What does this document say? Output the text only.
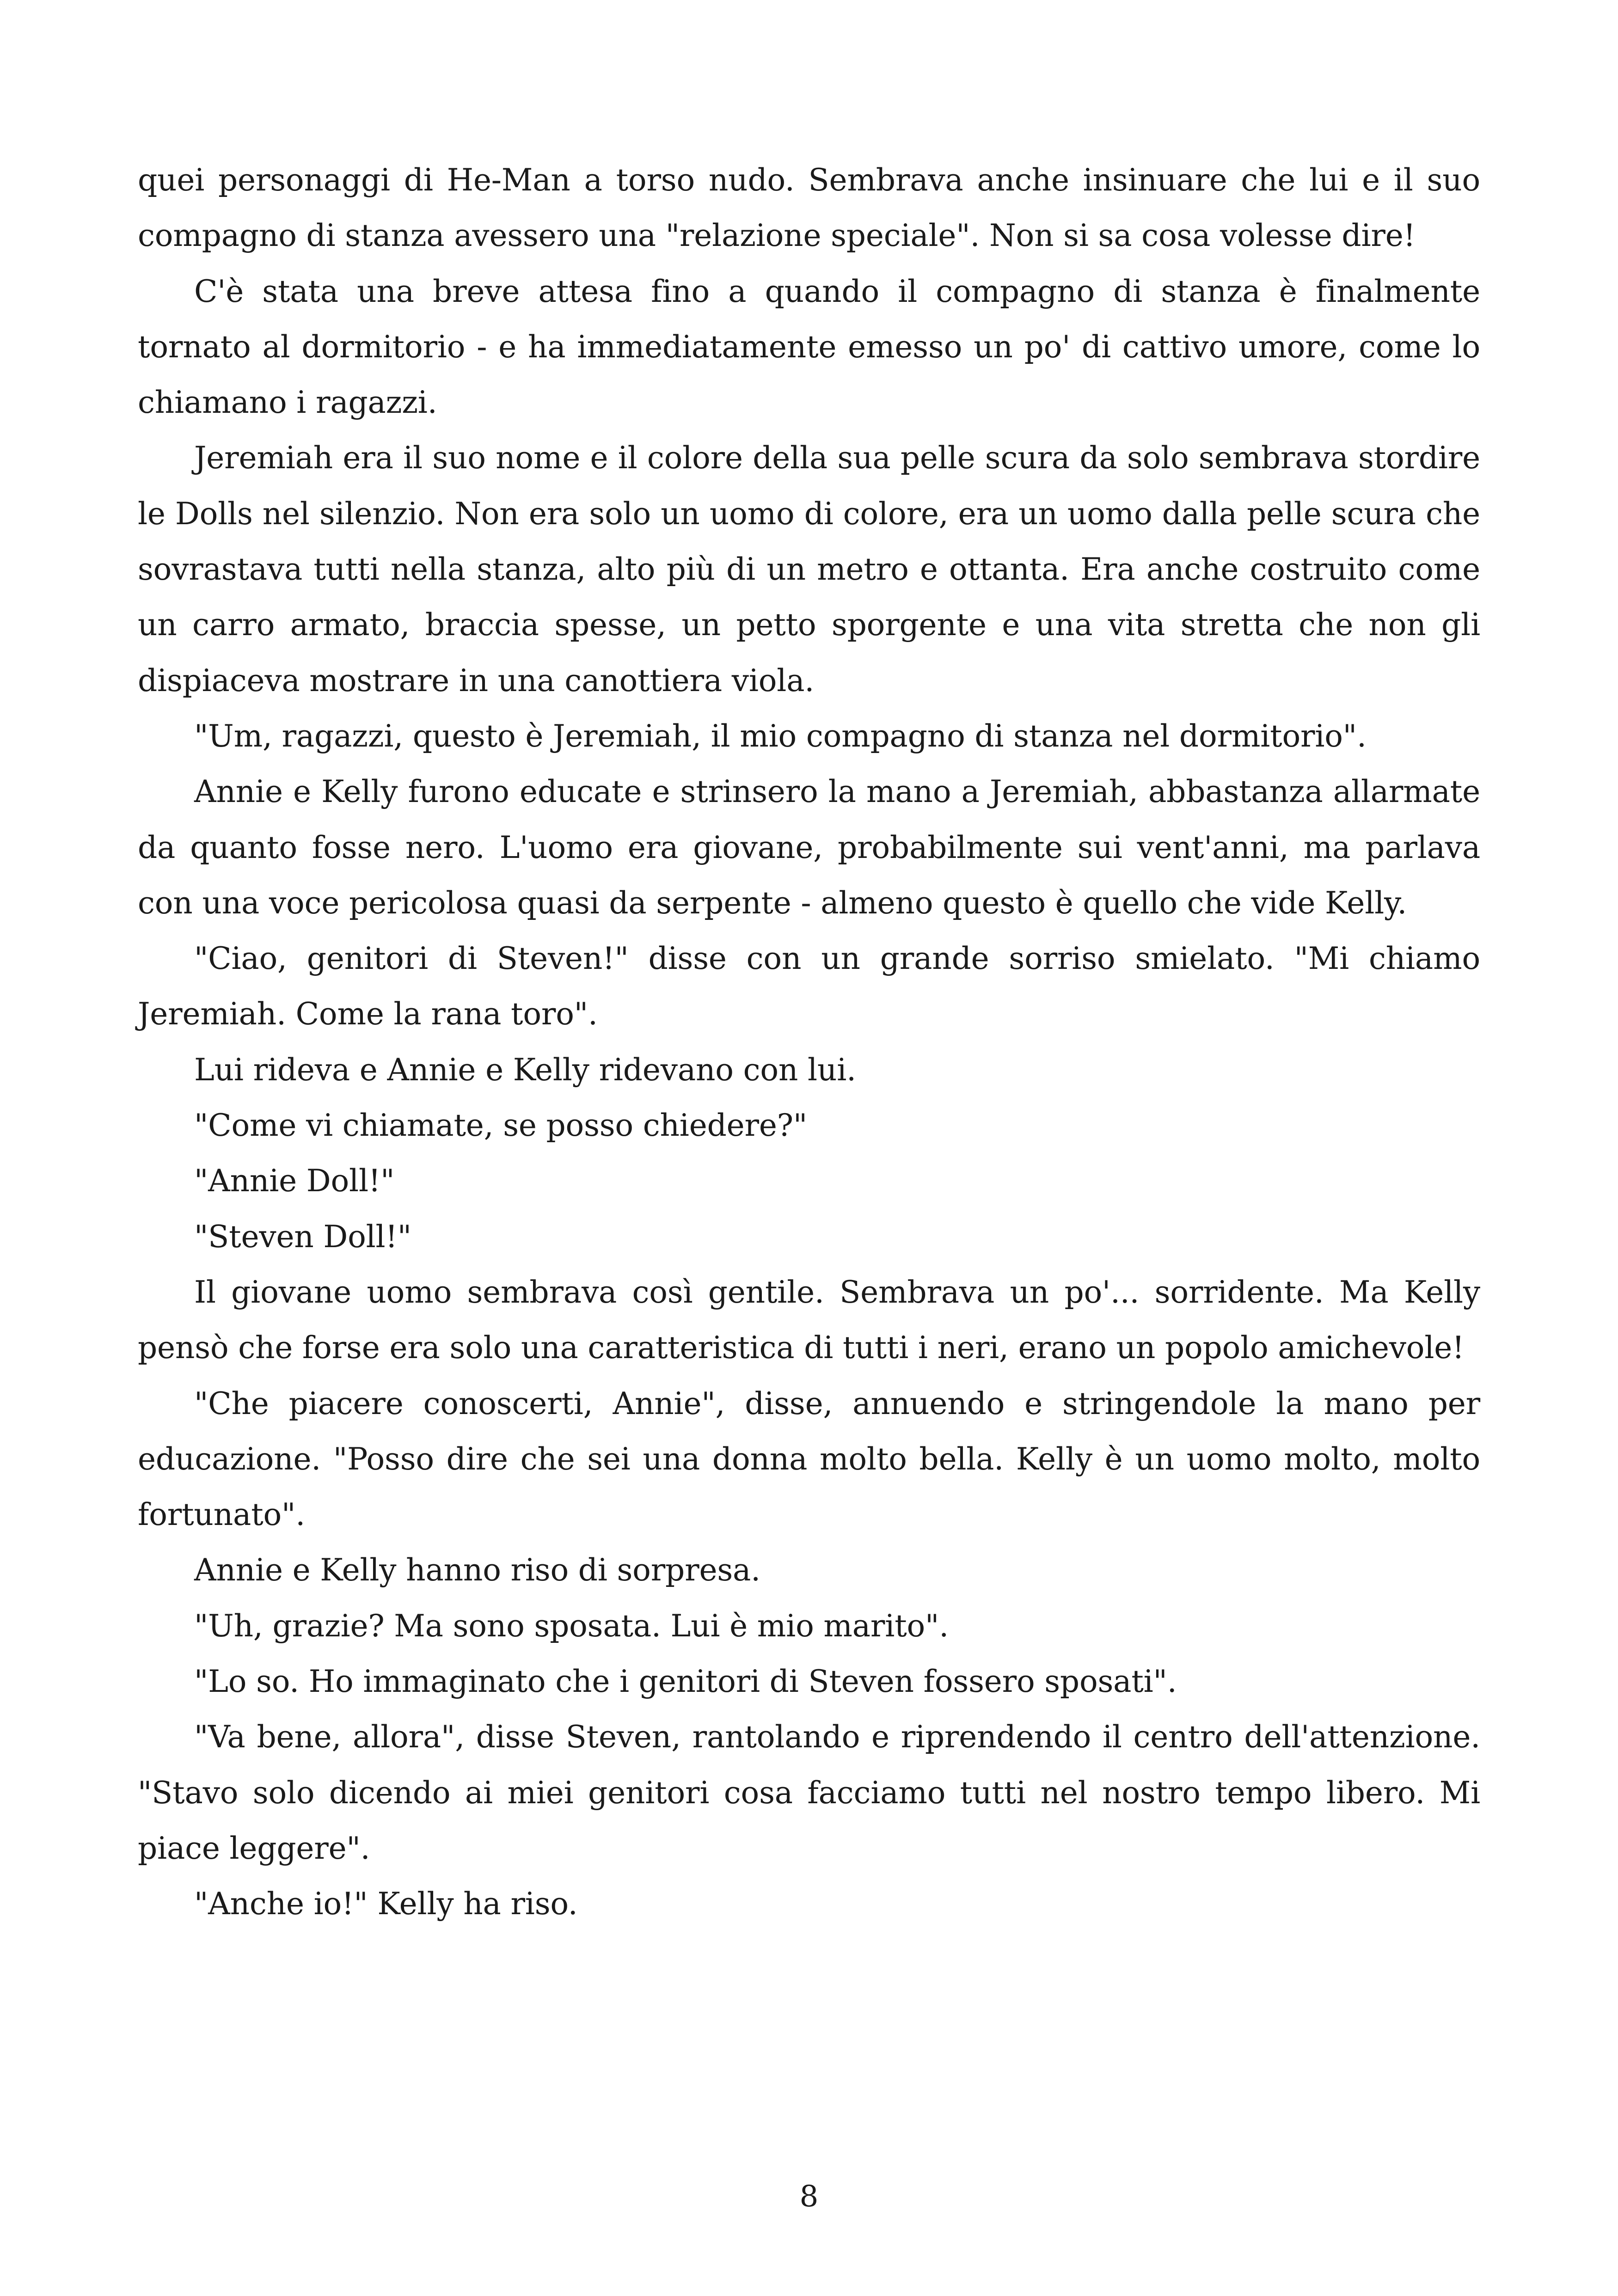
quei personaggi di He-Man a torso nudo. Sembrava anche insinuare che lui e il suo compagno di stanza avessero una "relazione speciale". Non si sa cosa volesse dire!

C'è stata una breve attesa fino a quando il compagno di stanza è finalmente tornato al dormitorio - e ha immediatamente emesso un po' di cattivo umore, come lo chiamano i ragazzi.

Jeremiah era il suo nome e il colore della sua pelle scura da solo sembrava stordire le Dolls nel silenzio. Non era solo un uomo di colore, era un uomo dalla pelle scura che sovrastava tutti nella stanza, alto più di un metro e ottanta. Era anche costruito come un carro armato, braccia spesse, un petto sporgente e una vita stretta che non gli dispiaceva mostrare in una canottiera viola.

"Um, ragazzi, questo è Jeremiah, il mio compagno di stanza nel dormitorio".

Annie e Kelly furono educate e strinsero la mano a Jeremiah, abbastanza allarmate da quanto fosse nero. L'uomo era giovane, probabilmente sui vent'anni, ma parlava con una voce pericolosa quasi da serpente - almeno questo è quello che vide Kelly.

"Ciao, genitori di Steven!" disse con un grande sorriso smielato. "Mi chiamo Jeremiah. Come la rana toro".

Lui rideva e Annie e Kelly ridevano con lui.

"Come vi chiamate, se posso chiedere?"

"Annie Doll!"

"Steven Doll!"

Il giovane uomo sembrava così gentile. Sembrava un po'... sorridente. Ma Kelly pensò che forse era solo una caratteristica di tutti i neri, erano un popolo amichevole!

"Che piacere conoscerti, Annie", disse, annuendo e stringendole la mano per educazione. "Posso dire che sei una donna molto bella. Kelly è un uomo molto, molto fortunato".

Annie e Kelly hanno riso di sorpresa.

"Uh, grazie? Ma sono sposata. Lui è mio marito".

"Lo so. Ho immaginato che i genitori di Steven fossero sposati".

"Va bene, allora", disse Steven, rantolando e riprendendo il centro dell'attenzione. "Stavo solo dicendo ai miei genitori cosa facciamo tutti nel nostro tempo libero. Mi piace leggere".

"Anche io!" Kelly ha riso.

8
